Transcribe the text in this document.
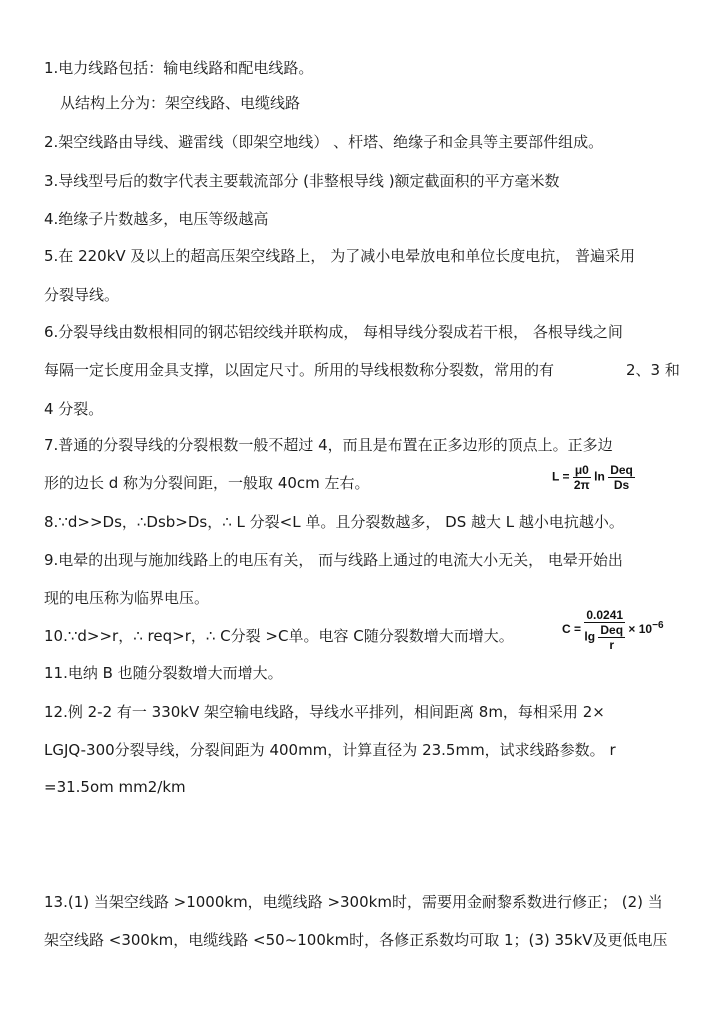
1.电力线路包括：输电线路和配电线路。
从结构上分为：架空线路、电缆线路
2.架空线路由导线、避雷线（即架空地线） 、杆塔、绝缘子和金具等主要部件组成。
3.导线型号后的数字代表主要载流部分 (非整根导线 )额定截面积的平方毫米数
4.绝缘子片数越多，电压等级越高
5.在 220kV 及以上的超高压架空线路上， 为了减小电晕放电和单位长度电抗， 普遍采用
分裂导线。
6.分裂导线由数根相同的钢芯铝绞线并联构成， 每相导线分裂成若干根， 各根导线之间
每隔一定长度用金具支撑，以固定尺寸。所用的导线根数称分裂数，常用的有	2、3 和
4 分裂。
7.普通的分裂导线的分裂根数一般不超过 4，而且是布置在正多边形的顶点上。正多边
形的边长 d 称为分裂间距，一般取 40cm 左右。	$L = \frac{\mu 0}{2\pi}$ $\ln \frac{\text{Deq}}{Ds}$
8.∵d>>Ds，∴Dsb>Ds，∴ L 分裂<L 单。且分裂数越多， DS 越大 L 越小电抗越小。
9.电晕的出现与施加线路上的电压有关， 而与线路上通过的电流大小无关， 电晕开始出
现的电压称为临界电压。
10.∵d>>r，∴ req>r，∴ C分裂 >C单。电容 C随分裂数增大而增大。	$C = \frac{0.0241}{\lg \frac{\text{Deq}}{r}} \times 10^{-6}$
11.电纳 B 也随分裂数增大而增大。
12.例 2-2 有一 330kV 架空输电线路，导线水平排列，相间距离 8m，每相采用 2×
LGJQ-300分裂导线，分裂间距为 400mm，计算直径为 23.5mm，试求线路参数。 r
=31.5om mm2/km
13.(1) 当架空线路 >1000km，电缆线路 >300km时，需要用金耐黎系数进行修正； (2) 当
架空线路 <300km，电缆线路 <50~100km时，各修正系数均可取 1；(3) 35kV及更低电压
